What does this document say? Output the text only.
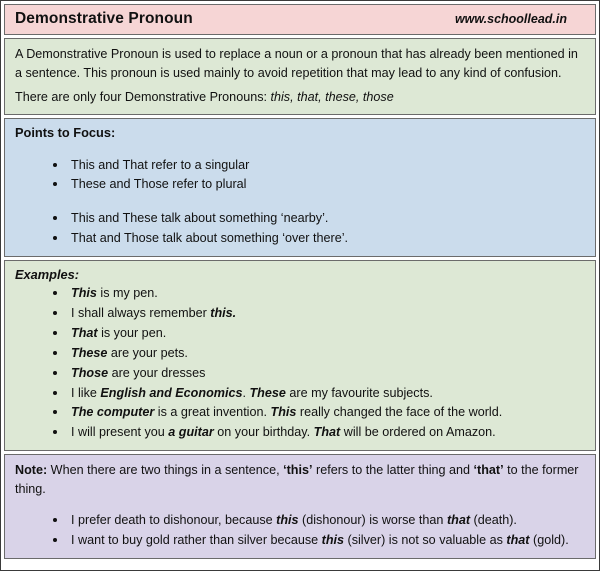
Demonstrative Pronoun	www.schoollead.in

A Demonstrative Pronoun is used to replace a noun or a pronoun that has already been mentioned in a sentence. This pronoun is used mainly to avoid repetition that may lead to any kind of confusion.

There are only four Demonstrative Pronouns: this, that, these, those

Points to Focus:

This and That refer to a singular
These and Those refer to plural
This and These talk about something ‘nearby’.
That and Those talk about something ‘over there’.

Examples:

This is my pen.
I shall always remember this.
That is your pen.
These are your pets.
Those are your dresses
I like English and Economics. These are my favourite subjects.
The computer is a great invention. This really changed the face of the world.
I will present you a guitar on your birthday. That will be ordered on Amazon.

Note: When there are two things in a sentence, ‘this’ refers to the latter thing and ‘that’ to the former thing.

I prefer death to dishonour, because this (dishonour) is worse than that (death).
I want to buy gold rather than silver because this (silver) is not so valuable as that (gold).
